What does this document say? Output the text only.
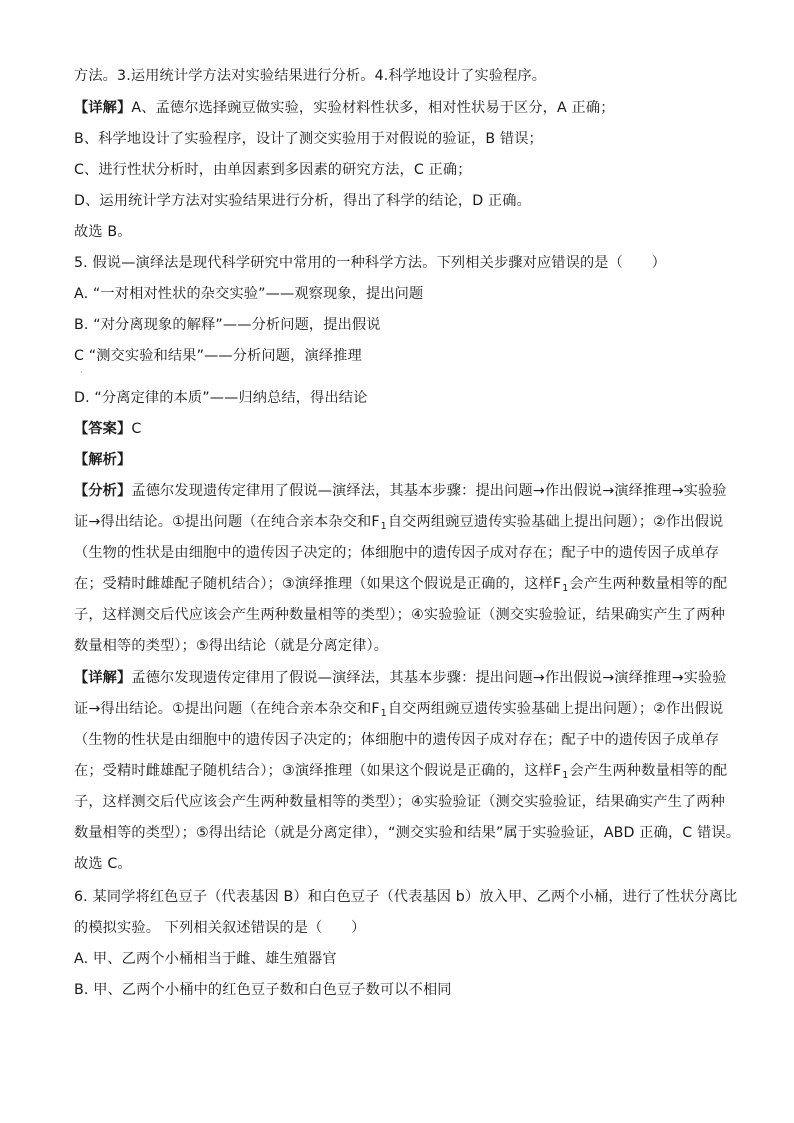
方法。3.运用统计学方法对实验结果进行分析。4.科学地设计了实验程序。
【详解】A、孟德尔选择豌豆做实验，实验材料性状多，相对性状易于区分，A 正确；
B、科学地设计了实验程序，设计了测交实验用于对假说的验证，B 错误；
C、进行性状分析时，由单因素到多因素的研究方法，C 正确；
D、运用统计学方法对实验结果进行分析，得出了科学的结论，D 正确。
故选 B。
5. 假说—演绎法是现代科学研究中常用的一种科学方法。下列相关步骤对应错误的是（　　）
A. “一对相对性状的杂交实验”——观察现象，提出问题
B. “对分离现象的解释”——分析问题，提出假说
C “测交实验和结果”——分析问题，演绎推理
·
D. “分离定律的本质”——归纳总结，得出结论
【答案】C
【解析】
【分析】孟德尔发现遗传定律用了假说—演绎法，其基本步骤：提出问题→作出假说→演绎推理→实验验
证→得出结论。①提出问题（在纯合亲本杂交和$F_1$自交两组豌豆遗传实验基础上提出问题）；②作出假说
（生物的性状是由细胞中的遗传因子决定的；体细胞中的遗传因子成对存在；配子中的遗传因子成单存
在；受精时雌雄配子随机结合）；③演绎推理（如果这个假说是正确的，这样$F_1$会产生两种数量相等的配
子，这样测交后代应该会产生两种数量相等的类型）；④实验验证（测交实验验证，结果确实产生了两种
数量相等的类型）；⑤得出结论（就是分离定律）。
【详解】孟德尔发现遗传定律用了假说—演绎法，其基本步骤：提出问题→作出假说→演绎推理→实验验
证→得出结论。①提出问题（在纯合亲本杂交和$F_1$自交两组豌豆遗传实验基础上提出问题）；②作出假说
（生物的性状是由细胞中的遗传因子决定的；体细胞中的遗传因子成对存在；配子中的遗传因子成单存
在；受精时雌雄配子随机结合）；③演绎推理（如果这个假说是正确的，这样$F_1$会产生两种数量相等的配
子，这样测交后代应该会产生两种数量相等的类型）；④实验验证（测交实验验证，结果确实产生了两种
数量相等的类型）；⑤得出结论（就是分离定律），“测交实验和结果”属于实验验证，ABD 正确，C 错误。
故选 C。
6. 某同学将红色豆子（代表基因 B）和白色豆子（代表基因 b）放入甲、乙两个小桶，进行了性状分离比
的模拟实验。 下列相关叙述错误的是（　　）
A. 甲、乙两个小桶相当于雌、雄生殖器官
B. 甲、乙两个小桶中的红色豆子数和白色豆子数可以不相同
